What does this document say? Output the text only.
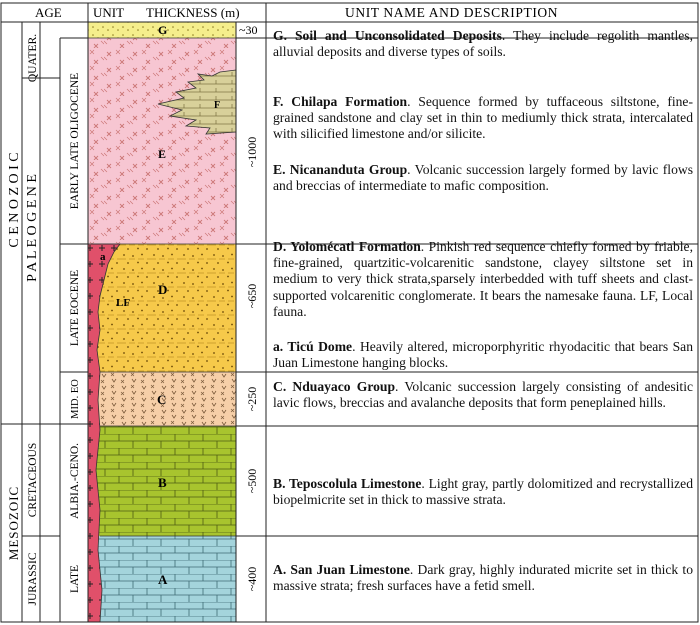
AGE UNIT THICKNESS (m)	UNIT NAME AND DESCRIPTION
C E N O Z O I C
MESOZOIC
QUATER.
P A L E O G E N E
CRETACEOUS
JURASSIC
EARLY LATE OLIGOCENE
LATE EOCENE
MID. EO
ALBIA.-CENO.
LATE
G
F
E
a
D
LF
C
B
A
~30
~1000
~650
~250
~500
~400

G. Soil and Unconsolidated Deposits. They include regolith mantles, alluvial deposits and diverse types of soils.

F. Chilapa Formation. Sequence formed by tuffaceous siltstone, fine-grained sandstone and clay set in thin to mediumly thick strata, intercalated with silicified limestone and/or silicite.

E. Nicananduta Group. Volcanic succession largely formed by lavic flows and breccias of intermediate to mafic composition.

D. Yolomécatl Formation. Pinkish red sequence chiefly formed by friable, fine-grained, quartzitic-volcarenitic sandstone, clayey siltstone set in medium to very thick strata,sparsely interbedded with tuff sheets and clast-supported volcarenitic conglomerate. It bears the namesake fauna. LF, Local fauna.

a. Ticú Dome. Heavily altered, microporphyritic rhyodacitic that bears San Juan Limestone hanging blocks.

C. Nduayaco Group. Volcanic succession largely consisting of andesitic lavic flows, breccias and avalanche deposits that form peneplained hills.

B. Teposcolula Limestone. Light gray, partly dolomitized and recrystallized biopelmicrite set in thick to massive strata.

A. San Juan Limestone. Dark gray, highly indurated micrite set in thick to massive strata; fresh surfaces have a fetid smell.
